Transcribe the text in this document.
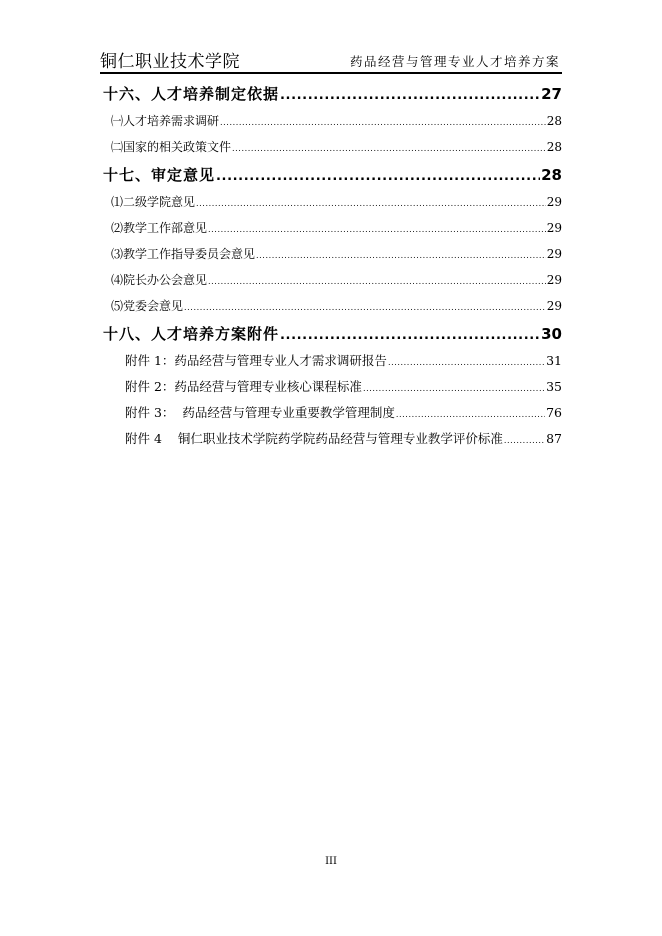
铜仁职业技术学院	药品经营与管理专业人才培养方案
十六、人才培养制定依据 .....	27
㈠人才培养需求调研 .....	28
㈡国家的相关政策文件 .....	28
十七、审定意见 .....	28
⑴二级学院意见 .....	29
⑵教学工作部意见 .....	29
⑶教学工作指导委员会意见 .....	29
⑷院长办公会意见 .....	29
⑸党委会意见 .....	29
十八、人才培养方案附件 .....	30
附件 1：药品经营与管理专业人才需求调研报告 .....	31
附件 2：药品经营与管理专业核心课程标准 .....	35
附件 3：  药品经营与管理专业重要教学管理制度 .....	76
附件 4    铜仁职业技术学院药学院药品经营与管理专业教学评价标准 .....	87
III
